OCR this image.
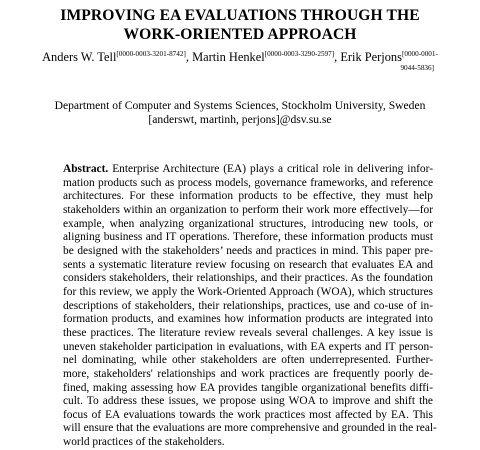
IMPROVING EA EVALUATIONS THROUGH THE
WORK-ORIENTED APPROACH
Anders W. Tell[0000-0003-3201-8742], Martin Henkel[0000-0003-3290-2597], Erik Perjons$^{[0000-0001-}$
9044-5836]
Department of Computer and Systems Sciences, Stockholm University, Sweden
[anderswt, martinh, perjons]@dsv.su.se
Abstract. Enterprise Architecture (EA) plays a critical role in delivering infor-
mation products such as process models, governance frameworks, and reference
architectures. For these information products to be effective, they must help
stakeholders within an organization to perform their work more effectively—for
example, when analyzing organizational structures, introducing new tools, or
aligning business and IT operations. Therefore, these information products must
be designed with the stakeholders’ needs and practices in mind. This paper pre-
sents a systematic literature review focusing on research that evaluates EA and
considers stakeholders, their relationships, and their practices. As the foundation
for this review, we apply the Work-Oriented Approach (WOA), which structures
descriptions of stakeholders, their relationships, practices, use and co-use of in-
formation products, and examines how information products are integrated into
these practices. The literature review reveals several challenges. A key issue is
uneven stakeholder participation in evaluations, with EA experts and IT person-
nel dominating, while other stakeholders are often underrepresented. Further-
more, stakeholders' relationships and work practices are frequently poorly de-
fined, making assessing how EA provides tangible organizational benefits diffi-
cult. To address these issues, we propose using WOA to improve and shift the
focus of EA evaluations towards the work practices most affected by EA. This
will ensure that the evaluations are more comprehensive and grounded in the real-
world practices of the stakeholders.
